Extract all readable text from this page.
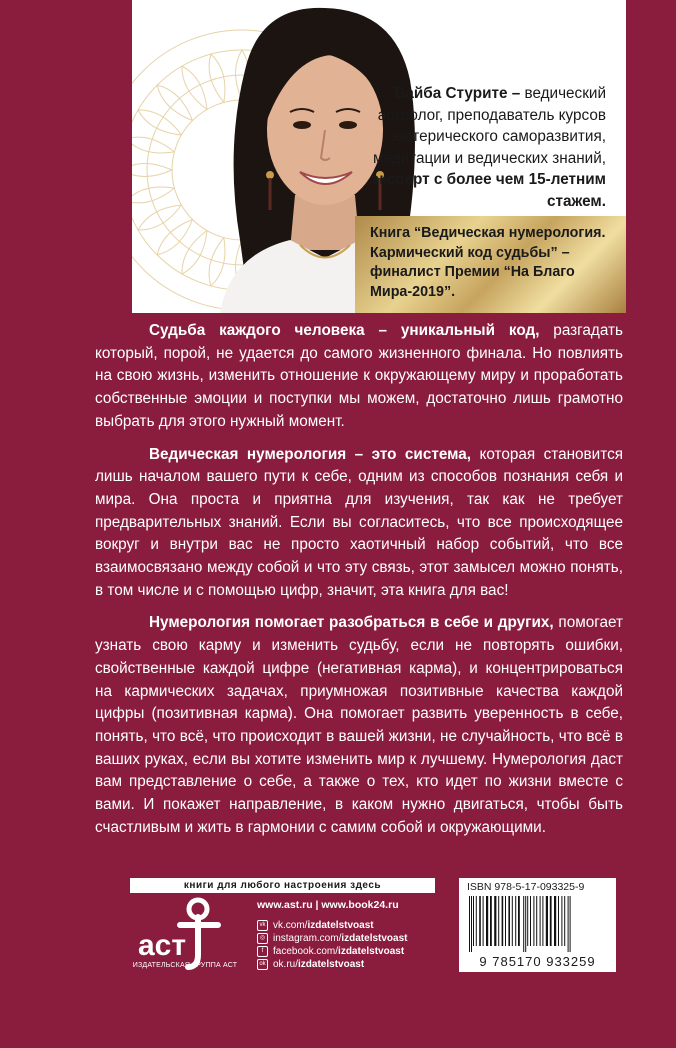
Байба Стурите – ведический астролог, преподаватель курсов эзотерического саморазвития, медитации и ведических знаний, эксперт с более чем 15-летним стажем.
Книга “Ведическая нумерология. Кармический код судьбы” – финалист Премии “На Благо Мира-2019”.

Судьба каждого человека – уникальный код, разгадать который, порой, не удается до самого жизненного финала. Но повлиять на свою жизнь, изменить отношение к окружающему миру и проработать собственные эмоции и поступки мы можем, достаточно лишь грамотно выбрать для этого нужный момент.

Ведическая нумерология – это система, которая становится лишь началом вашего пути к себе, одним из способов познания себя и мира. Она проста и приятна для изучения, так как не требует предварительных знаний. Если вы согласитесь, что все происходящее вокруг и внутри вас не просто хаотичный набор событий, что все взаимосвязано между собой и что эту связь, этот замысел можно понять, в том числе и с помощью цифр, значит, эта книга для вас!

Нумерология помогает разобраться в себе и других, помогает узнать свою карму и изменить судьбу, если не повторять ошибки, свойственные каждой цифре (негативная карма), и концентрироваться на кармических задачах, приумножая позитивные качества каждой цифры (позитивная карма). Она помогает развить уверенность в себе, понять, что всё, что происходит в вашей жизни, не случайность, что всё в ваших руках, если вы хотите изменить мир к лучшему. Нумерология даст вам представление о себе, а также о тех, кто идет по жизни вместе с вами. И покажет направление, в каком нужно двигаться, чтобы быть счастливым и жить в гармонии с самим собой и окружающими.

книги для любого настроения здесь
аст
ИЗДАТЕЛЬСКАЯ ГРУППА АСТ
www.ast.ru | www.book24.ru
vk vk.com/ izdatelstvoast
◎ instagram.com/ izdatelstvoast
f facebook.com/ izdatelstvoast
ok ok.ru/ izdatelstvoast
ISBN 978-5-17-093325-9
9 785170 933259
